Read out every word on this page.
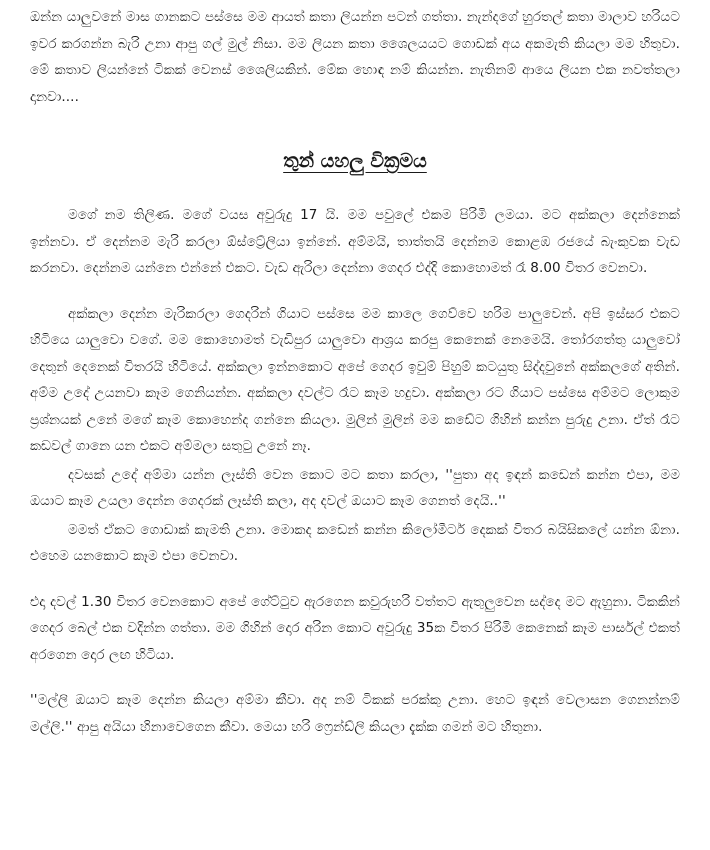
ඔන්න යාලුවනේ මාස ගානකට පස්සෙ මම ආයත් කතා ලියන්න පටන් ගත්තා. නැන්දගේ හුරතල් කතා මාලාව හරියට ඉවර කරගන්න බැරි උනා ආපු ගල් මුල් නිසා. මම ලියන කතා ශෛලයයට ගොඩක් අය අකමැති කියලා මම හිතුවා. මේ කතාව ලියන්නේ ටිකක් වෙනස් ශෛලියකින්. මේක හොඳ නම් කියන්න. නැතිනම් ආයෙ ලියන එක නවත්තලා දානවා....

තුන් යහලු වික්‍රමය

මගේ නම තිලිණ. මගේ වයස අවුරුදු 17 යි. මම පවුලේ එකම පිරිමි ලමයා. මට අක්කලා දෙන්නෙක් ඉන්නවා. ඒ දෙන්නම මැරි කරලා ඕස්ට්‍රේලියා ඉන්නේ. අම්මයි, තාත්තයි දෙන්නම කොළඹ රජයේ බැංකුවක වැඩ කරනවා. දෙන්නම යන්නෙ එන්නේ එකට. වැඩ ඇරිලා දෙන්නා ගෙදර එද්දි කොහොමත් රෑ 8.00 විතර වෙනවා.

අක්කලා දෙන්න මැරිකරලා ගෙදරින් ගියාට පස්සෙ මම කාලෙ ගෙව්වෙ හරිම පාලුවෙන්. අපි ඉස්සර එකට හිටියෙ යාලුවො වගේ. මම කොහොමත් වැඩිපුර යාලුවො ආශ්‍රය කරපු කෙනෙක් නෙමෙයි. තෝරගත්තු යාලුවෝ දෙතුන් දෙනෙක් විතරයි හිටියේ. අක්කලා ඉන්නකොට අපේ ගෙදර ඉවුම් පිහුම් කටයුතු සිද්දවුනේ අක්කලගේ අතින්. අම්ම උදේ උයනවා කෑම ගෙනියන්න. අක්කලා දවල්ට රෑට කෑම හදුවා. අක්කලා රට ගියාට පස්සෙ අම්මට ලොකුම ප්‍රශ්නයක් උනේ මගේ කෑම කොහෙන්ද ගන්නෙ කියලා. මුලින් මුලින් මම කඩේට ගිහින් කන්න පුරුදු උනා. ඒත් රෑට කඩවල් ගානෙ යන එකට අම්මලා සතුටු උනේ නෑ.

දවසක් උදේ අම්මා යන්න ලෑස්ති වෙන කොට මට කතා කරලා, ''පුතා අද ඉඳන් කඩෙන් කන්න එපා, මම ඔයාට කෑම උයලා දෙන්න ගෙදරක් ලෑස්ති කලා, අද දවල් ඔයාට කෑම ගෙනත් දෙයි..''

මමත් ඒකට ගොඩාක් කැමති උනා. මොකද කඩෙන් කන්න කිලෝමීටර් දෙකක් විතර බයිසිකලේ යන්න ඕනා. එහෙම යනකොට කෑම එපා වෙනවා.

එදා දවල් 1.30 විතර වෙනකොට අපේ ගේට්ටුව ඇරගෙන කවුරුහරි වත්තට ඇතුලුවෙන සද්දෙ මට ඇහුනා. ටිකකින් ගෙදර බෙල් එක වදින්න ගත්තා. මම ගිහින් දොර අරින කොට අවුරුදු 35ක විතර පිරිමි කෙනෙක් කෑම පාර්සල් එකත් අරගෙන දොර ලඟ හිටියා.

''මල්ලි ඔයාට කෑම දෙන්න කියලා අම්මා කීවා. අද නම් ටිකක් පරක්කු උනා. හෙට ඉඳන් වෙලාසන ගෙනන්නම් මල්ලි.'' ආපු අයියා හිනාවෙගෙන කීවා. මෙයා හරි ෆ්‍රෙන්ඩ්ලි කියලා දැක්ක ගමන් මට හිතුනා.
